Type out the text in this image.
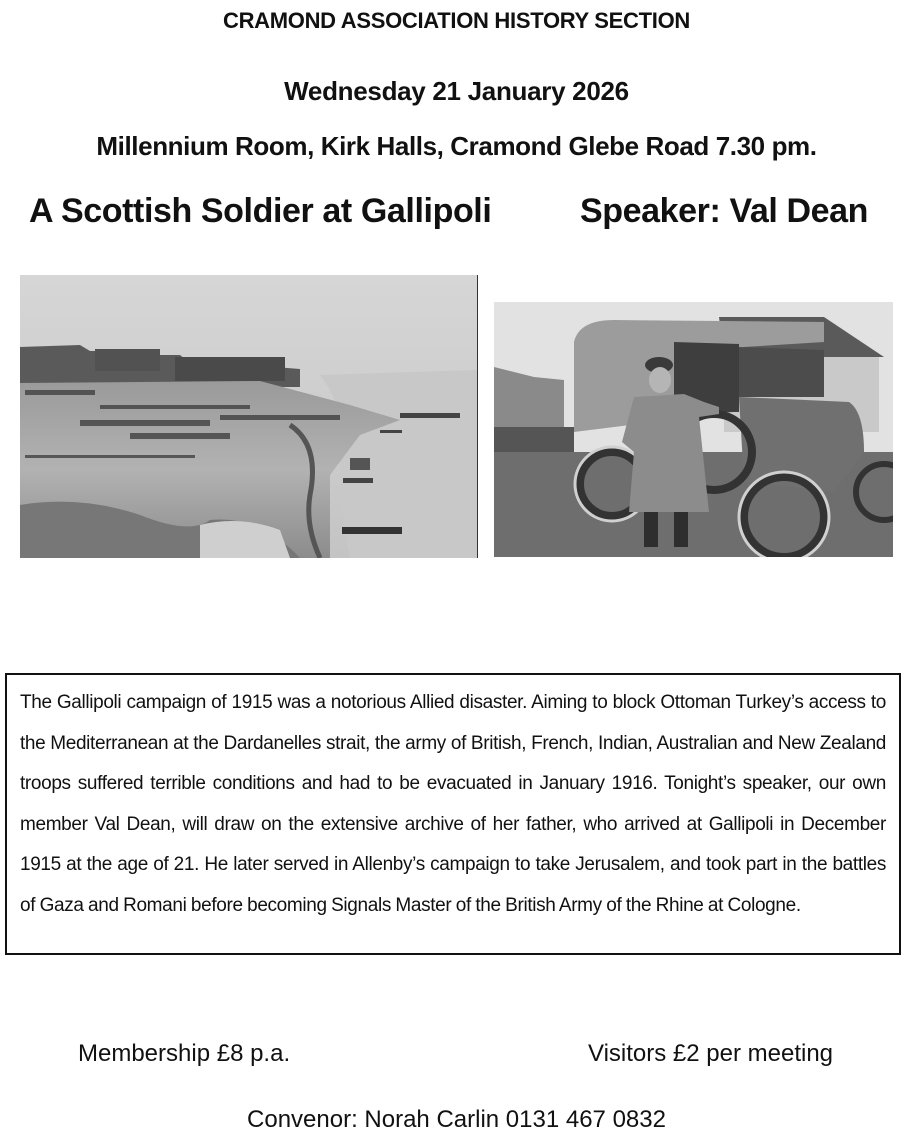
CRAMOND ASSOCIATION HISTORY SECTION
Wednesday 21 January 2026
Millennium Room, Kirk Halls, Cramond Glebe Road 7.30 pm.
A Scottish Soldier at Gallipoli	Speaker: Val Dean

The Gallipoli campaign of 1915 was a notorious Allied disaster. Aiming to block Ottoman Turkey’s access to the Mediterranean at the Dardanelles strait, the army of British, French, Indian, Australian and New Zealand troops suffered terrible conditions and had to be evacuated in January 1916. Tonight’s speaker, our own member Val Dean, will draw on the extensive archive of her father, who arrived at Gallipoli in December 1915 at the age of 21. He later served in Allenby’s campaign to take Jerusalem, and took part in the battles of Gaza and Romani before becoming Signals Master of the British Army of the Rhine at Cologne.

Membership £8 p.a.	Visitors £2 per meeting
Convenor: Norah Carlin 0131 467 0832
